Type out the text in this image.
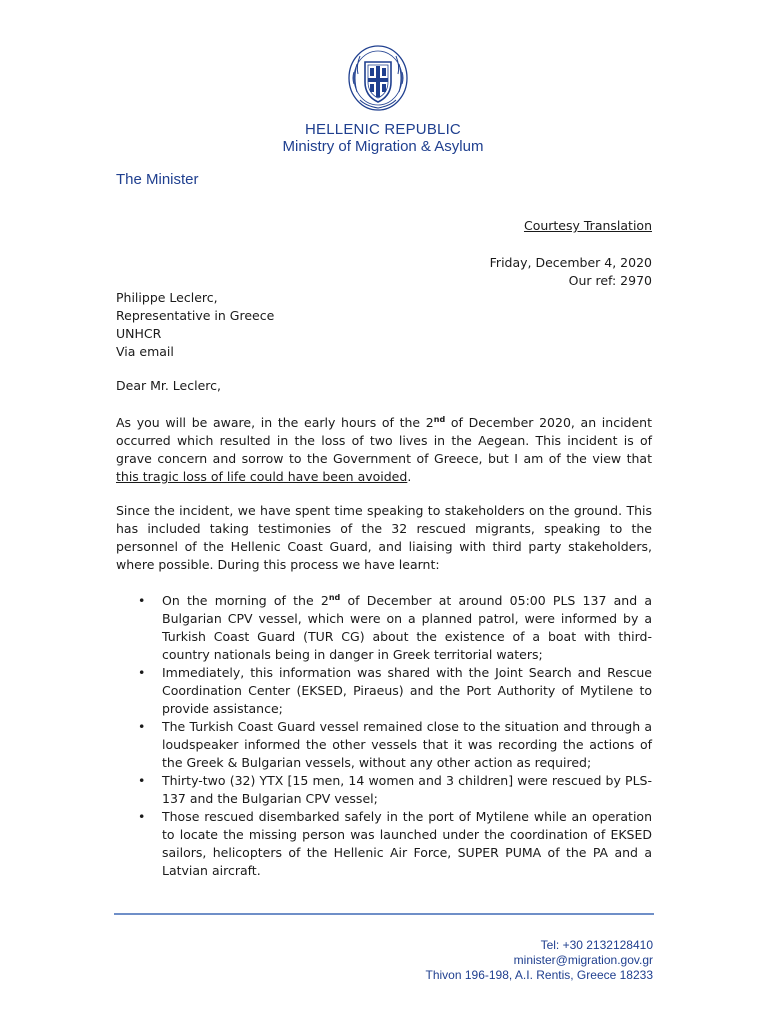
HELLENIC REPUBLIC
Ministry of Migration & Asylum
The Minister
Courtesy Translation
Friday, December 4, 2020
Our ref: 2970
Philippe Leclerc,
Representative in Greece
UNHCR
Via email
Dear Mr. Leclerc,
As you will be aware, in the early hours of the 2nd of December 2020, an incident occurred which resulted in the loss of two lives in the Aegean. This incident is of grave concern and sorrow to the Government of Greece, but I am of the view that this tragic loss of life could have been avoided.
Since the incident, we have spent time speaking to stakeholders on the ground. This has included taking testimonies of the 32 rescued migrants, speaking to the personnel of the Hellenic Coast Guard, and liaising with third party stakeholders, where possible. During this process we have learnt:
• On the morning of the 2nd of December at around 05:00 PLS 137 and a Bulgarian CPV vessel, which were on a planned patrol, were informed by a Turkish Coast Guard (TUR CG) about the existence of a boat with third-country nationals being in danger in Greek territorial waters;
• Immediately, this information was shared with the Joint Search and Rescue Coordination Center (EKSED, Piraeus) and the Port Authority of Mytilene to provide assistance;
• The Turkish Coast Guard vessel remained close to the situation and through a loudspeaker informed the other vessels that it was recording the actions of the Greek & Bulgarian vessels, without any other action as required;
• Thirty-two (32) YTX [15 men, 14 women and 3 children] were rescued by PLS-137 and the Bulgarian CPV vessel;
• Those rescued disembarked safely in the port of Mytilene while an operation to locate the missing person was launched under the coordination of EKSED sailors, helicopters of the Hellenic Air Force, SUPER PUMA of the PA and a Latvian aircraft.
Tel: +30 2132128410
minister@migration.gov.gr
Thivon 196-198, A.I. Rentis, Greece 18233
